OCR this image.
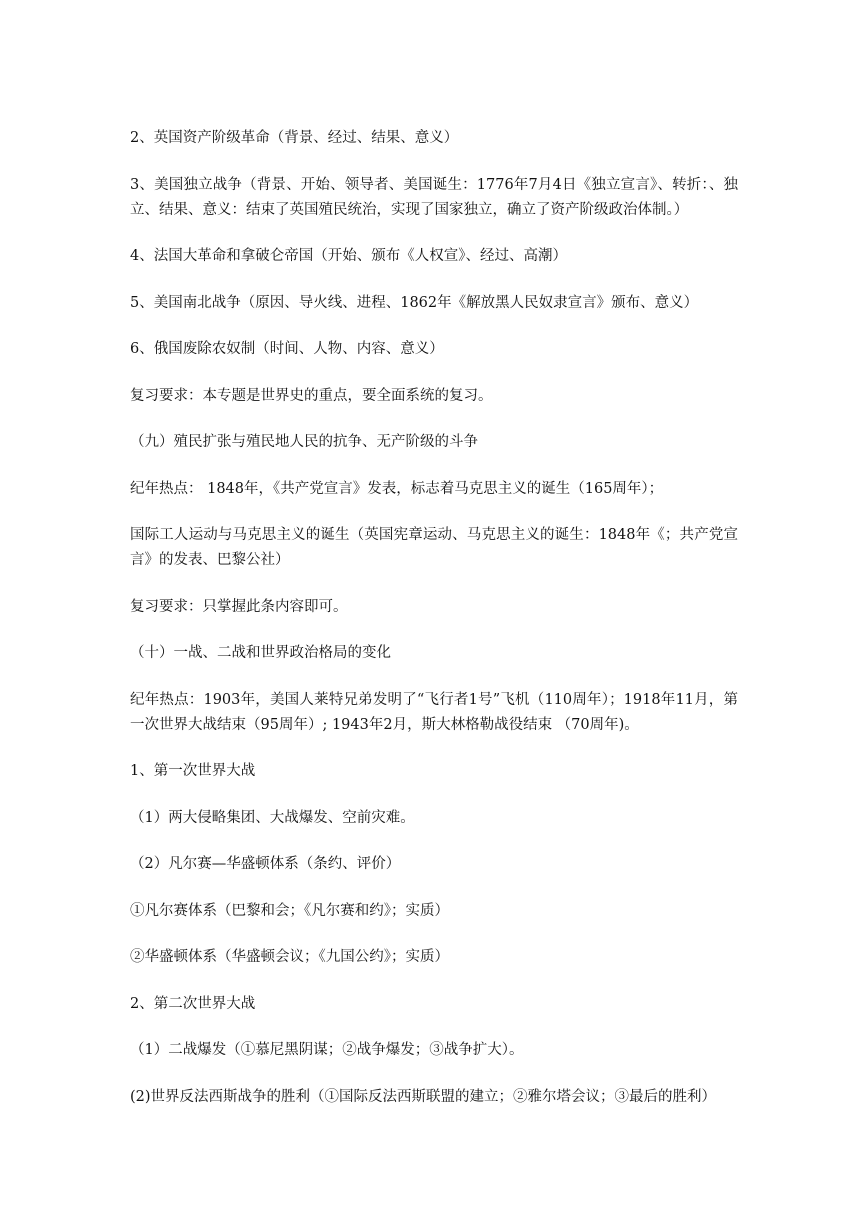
2、英国资产阶级革命（背景、经过、结果、意义）

3、美国独立战争（背景、开始、领导者、美国诞生：1776年7月4日《独立宣言》、转折：、独立、结果、意义：结束了英国殖民统治，实现了国家独立，确立了资产阶级政治体制。）

4、法国大革命和拿破仑帝国（开始、颁布《人权宣》、经过、高潮）

5、美国南北战争（原因、导火线、进程、1862年《解放黑人民奴隶宣言》颁布、意义）

6、俄国废除农奴制（时间、人物、内容、意义）

复习要求：本专题是世界史的重点，要全面系统的复习。

（九）殖民扩张与殖民地人民的抗争、无产阶级的斗争

纪年热点： 1848年，《共产党宣言》发表，标志着马克思主义的诞生（165周年）；

国际工人运动与马克思主义的诞生（英国宪章运动、马克思主义的诞生：1848年《；共产党宣言》的发表、巴黎公社）

复习要求：只掌握此条内容即可。

（十）一战、二战和世界政治格局的变化

纪年热点：1903年，美国人莱特兄弟发明了“飞行者1号”飞机（110周年）；1918年11月，第一次世界大战结束（95周年）; 1943年2月，斯大林格勒战役结束 （70周年)。

1、第一次世界大战

（1）两大侵略集团、大战爆发、空前灾难。

（2）凡尔赛—华盛顿体系（条约、评价）

①凡尔赛体系（巴黎和会；《凡尔赛和约》；实质）

②华盛顿体系（华盛顿会议；《九国公约》；实质）

2、第二次世界大战

（1）二战爆发（①慕尼黑阴谋；②战争爆发；③战争扩大）。

(2)世界反法西斯战争的胜利（①国际反法西斯联盟的建立；②雅尔塔会议；③最后的胜利）
